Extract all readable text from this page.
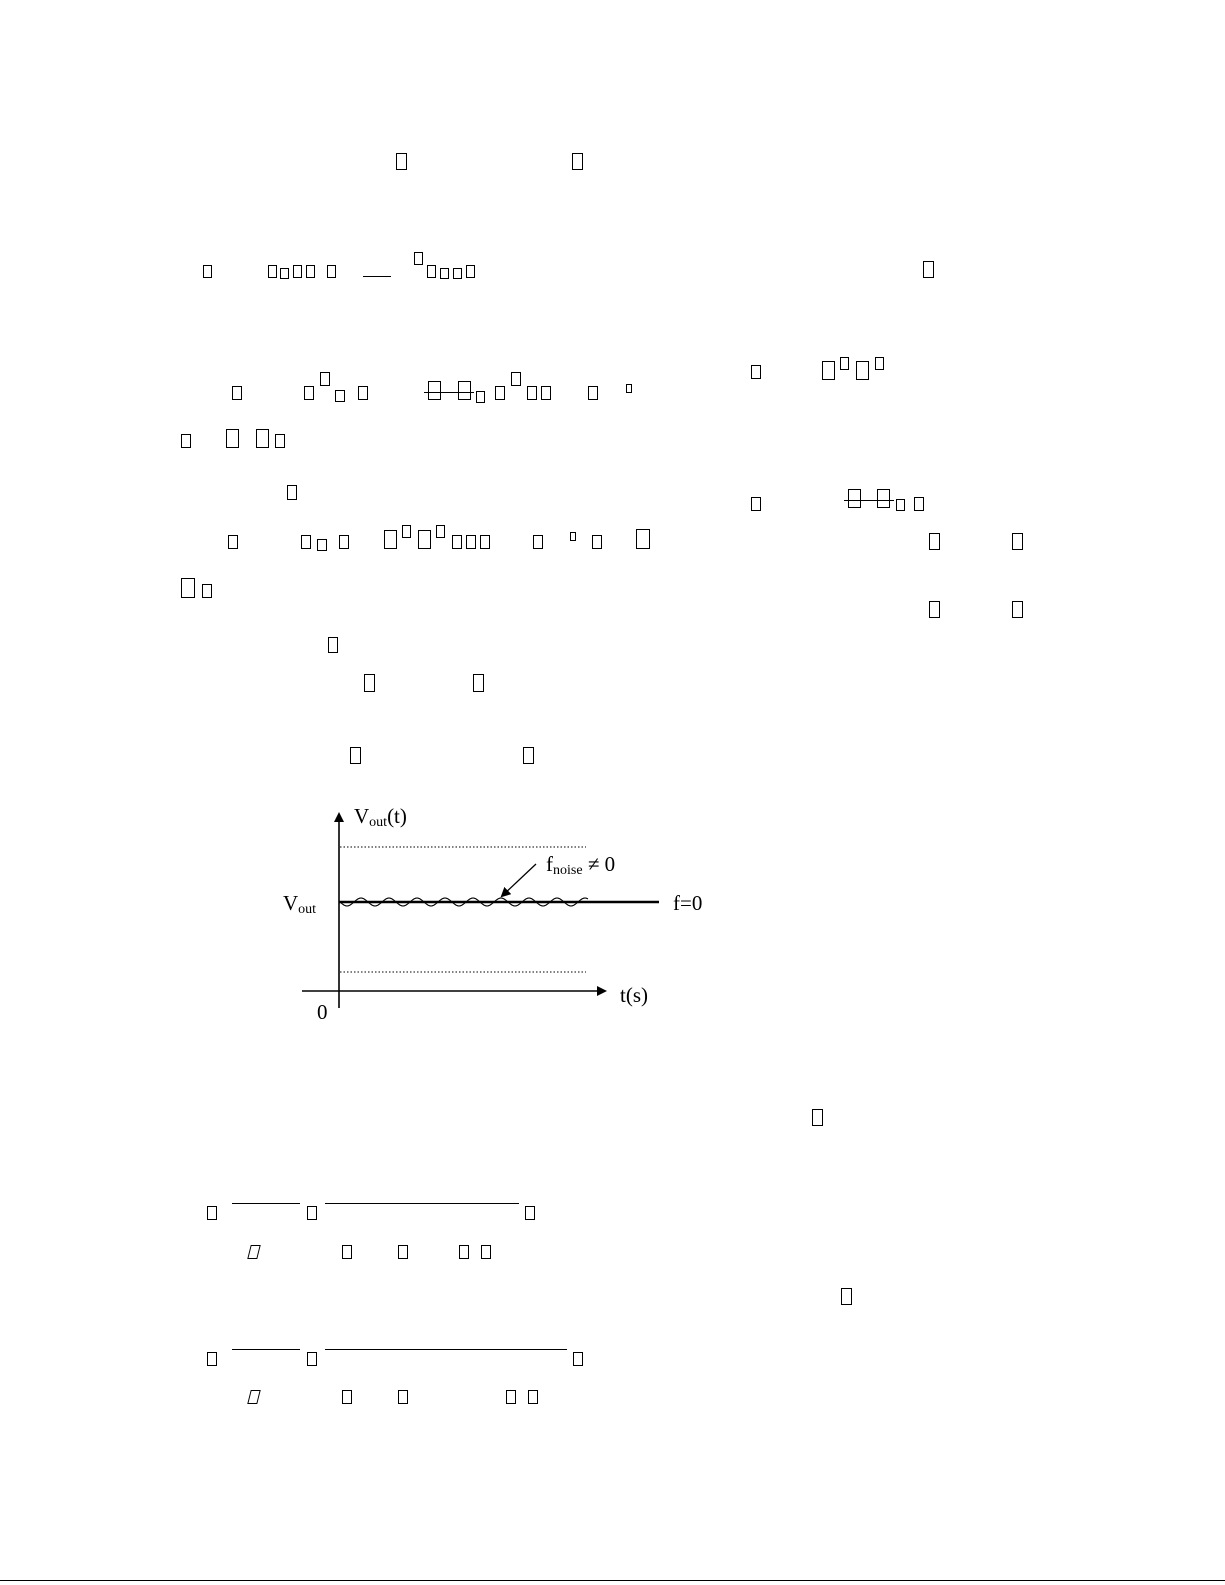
Vout(t)
Vout
fnoise ≠ 0
f=0
t(s)
0
